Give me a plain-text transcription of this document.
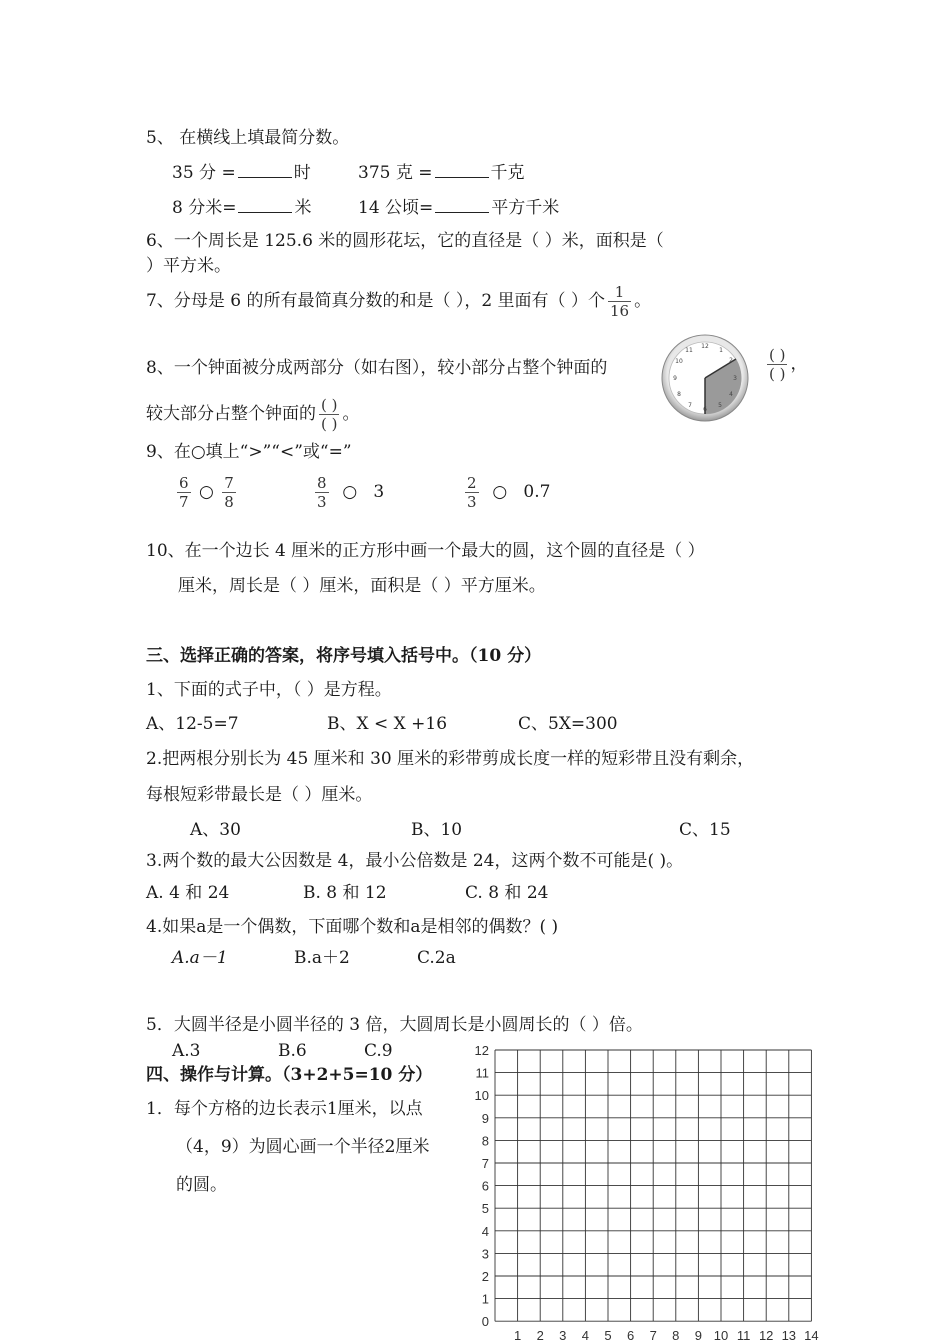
5、 在横线上填最简分数。
35 分 =	时	375 克 =	千克
8 分米=	米	14 公顷=	平方千米
6、一个周长是 125.6 米的圆形花坛，它的直径是（ ）米，面积是（
）平方米。
7、分母是 6 的所有最简真分数的和是（ ），2 里面有（ ）个 $\frac{1}{16}$ 。
8、一个钟面被分成两部分（如右图），较小部分占整个钟面的
12
1
2
3
4
5
6
7
8
9
10
11	$\frac{( )}{( )}$ ，
较大部分占整个钟面的 $\frac{( )}{( )}$ 。
9、在○填上“>”“<”或“=”
$\frac{6}{7}$ ○ $\frac{7}{8}$	$\frac{8}{3}$ ○ 3	$\frac{2}{3}$ ○ 0.7
10、在一个边长 4 厘米的正方形中画一个最大的圆，这个圆的直径是（ ）
厘米，周长是（ ）厘米，面积是（ ）平方厘米。
三、选择正确的答案，将序号填入括号中。（10 分）
1、下面的式子中，（ ）是方程。
A、12-5=7	B、X < X +16	C、5X=300
2.把两根分别长为 45 厘米和 30 厘米的彩带剪成长度一样的短彩带且没有剩余，
每根短彩带最长是（ ）厘米。
A、30	B、10	C、15
3.两个数的最大公因数是 4，最小公倍数是 24，这两个数不可能是( )。
A. 4 和 24	B. 8 和 12	C. 8 和 24
4.如果a是一个偶数，下面哪个数和a是相邻的偶数？( )
A.a－1	B.a＋2	C.2a
5．大圆半径是小圆半径的 3 倍，大圆周长是小圆周长的（ ）倍。
A.3	B.6	C.9
四、操作与计算。（3+2+5=10 分）
1．每个方格的边长表示1厘米，以点
（4，9）为圆心画一个半径2厘米
的圆。
12
11
10
9
8
7
6
5
4
3
2
1
0
1 2 3 4 5 6 7 8 9 10 11 12 13 14
